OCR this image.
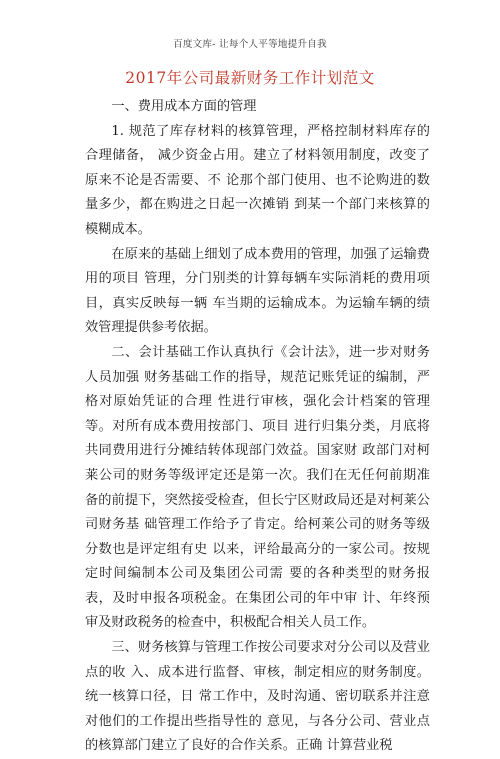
百度文库- 让每个人平等地提升自我
2017年公司最新财务工作计划范文

一、费用成本方面的管理

1. 规范了库存材料的核算管理，严格控制材料库存的合理储备， 减少资金占用。建立了材料领用制度，改变了原来不论是否需要、不 论那个部门使用、也不论购进的数量多少，都在购进之日起一次摊销 到某一个部门来核算的模糊成本。

在原来的基础上细划了成本费用的管理，加强了运输费用的项目 管理，分门别类的计算每辆车实际消耗的费用项目，真实反映每一辆 车当期的运输成本。为运输车辆的绩效管理提供参考依据。

二、会计基础工作认真执行《会计法》，进一步对财务人员加强 财务基础工作的指导，规范记账凭证的编制，严格对原始凭证的合理 性进行审核，强化会计档案的管理等。对所有成本费用按部门、项目 进行归集分类，月底将共同费用进行分摊结转体现部门效益。国家财 政部门对柯莱公司的财务等级评定还是第一次。我们在无任何前期准 备的前提下，突然接受检查，但长宁区财政局还是对柯莱公司财务基 础管理工作给予了肯定。给柯莱公司的财务等级分数也是评定组有史 以来，评给最高分的一家公司。按规定时间编制本公司及集团公司需 要的各种类型的财务报表，及时申报各项税金。在集团公司的年中审 计、年终预审及财政税务的检查中，积极配合相关人员工作。

三、财务核算与管理工作按公司要求对分公司以及营业点的收 入、成本进行监督、审核，制定相应的财务制度。统一核算口径，日 常工作中，及时沟通、密切联系并注意对他们的工作提出些指导性的 意见，与各分公司、营业点的核算部门建立了良好的合作关系。正确 计算营业税
